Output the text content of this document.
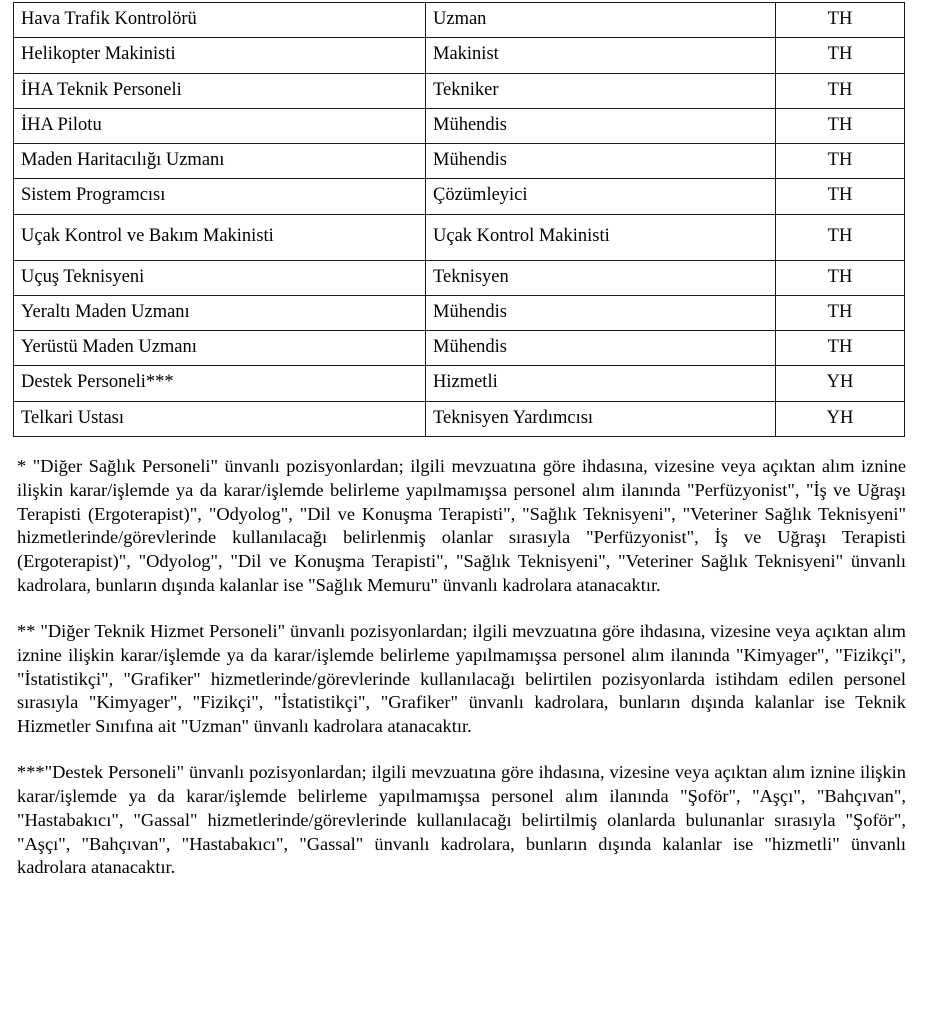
Hava Trafik Kontrolörü	Uzman	TH
Helikopter Makinisti	Makinist	TH
İHA Teknik Personeli	Tekniker	TH
İHA Pilotu	Mühendis	TH
Maden Haritacılığı Uzmanı	Mühendis	TH
Sistem Programcısı	Çözümleyici	TH
Uçak Kontrol ve Bakım Makinisti	Uçak Kontrol Makinisti	TH
Uçuş Teknisyeni	Teknisyen	TH
Yeraltı Maden Uzmanı	Mühendis	TH
Yerüstü Maden Uzmanı	Mühendis	TH
Destek Personeli***	Hizmetli	YH
Telkari Ustası	Teknisyen Yardımcısı	YH

* "Diğer Sağlık Personeli" ünvanlı pozisyonlardan; ilgili mevzuatına göre ihdasına, vizesine veya açıktan alım iznine ilişkin karar/işlemde ya da karar/işlemde belirleme yapılmamışsa personel alım ilanında "Perfüzyonist", "İş ve Uğraşı Terapisti (Ergoterapist)", "Odyolog", "Dil ve Konuşma Terapisti", "Sağlık Teknisyeni", "Veteriner Sağlık Teknisyeni" hizmetlerinde/görevlerinde kullanılacağı belirlenmiş olanlar sırasıyla "Perfüzyonist", İş ve Uğraşı Terapisti (Ergoterapist)", "Odyolog", "Dil ve Konuşma Terapisti", "Sağlık Teknisyeni", "Veteriner Sağlık Teknisyeni" ünvanlı kadrolara, bunların dışında kalanlar ise "Sağlık Memuru" ünvanlı kadrolara atanacaktır.

** "Diğer Teknik Hizmet Personeli" ünvanlı pozisyonlardan; ilgili mevzuatına göre ihdasına, vizesine veya açıktan alım iznine ilişkin karar/işlemde ya da karar/işlemde belirleme yapılmamışsa personel alım ilanında "Kimyager", "Fizikçi", "İstatistikçi", "Grafiker" hizmetlerinde/görevlerinde kullanılacağı belirtilen pozisyonlarda istihdam edilen personel sırasıyla "Kimyager", "Fizikçi", "İstatistikçi", "Grafiker" ünvanlı kadrolara, bunların dışında kalanlar ise Teknik Hizmetler Sınıfına ait "Uzman" ünvanlı kadrolara atanacaktır.

***"Destek Personeli" ünvanlı pozisyonlardan; ilgili mevzuatına göre ihdasına, vizesine veya açıktan alım iznine ilişkin karar/işlemde ya da karar/işlemde belirleme yapılmamışsa personel alım ilanında "Şoför", "Aşçı", "Bahçıvan", "Hastabakıcı", "Gassal" hizmetlerinde/görevlerinde kullanılacağı belirtilmiş olanlarda bulunanlar sırasıyla "Şoför", "Aşçı", "Bahçıvan", "Hastabakıcı", "Gassal" ünvanlı kadrolara, bunların dışında kalanlar ise "hizmetli" ünvanlı kadrolara atanacaktır.
